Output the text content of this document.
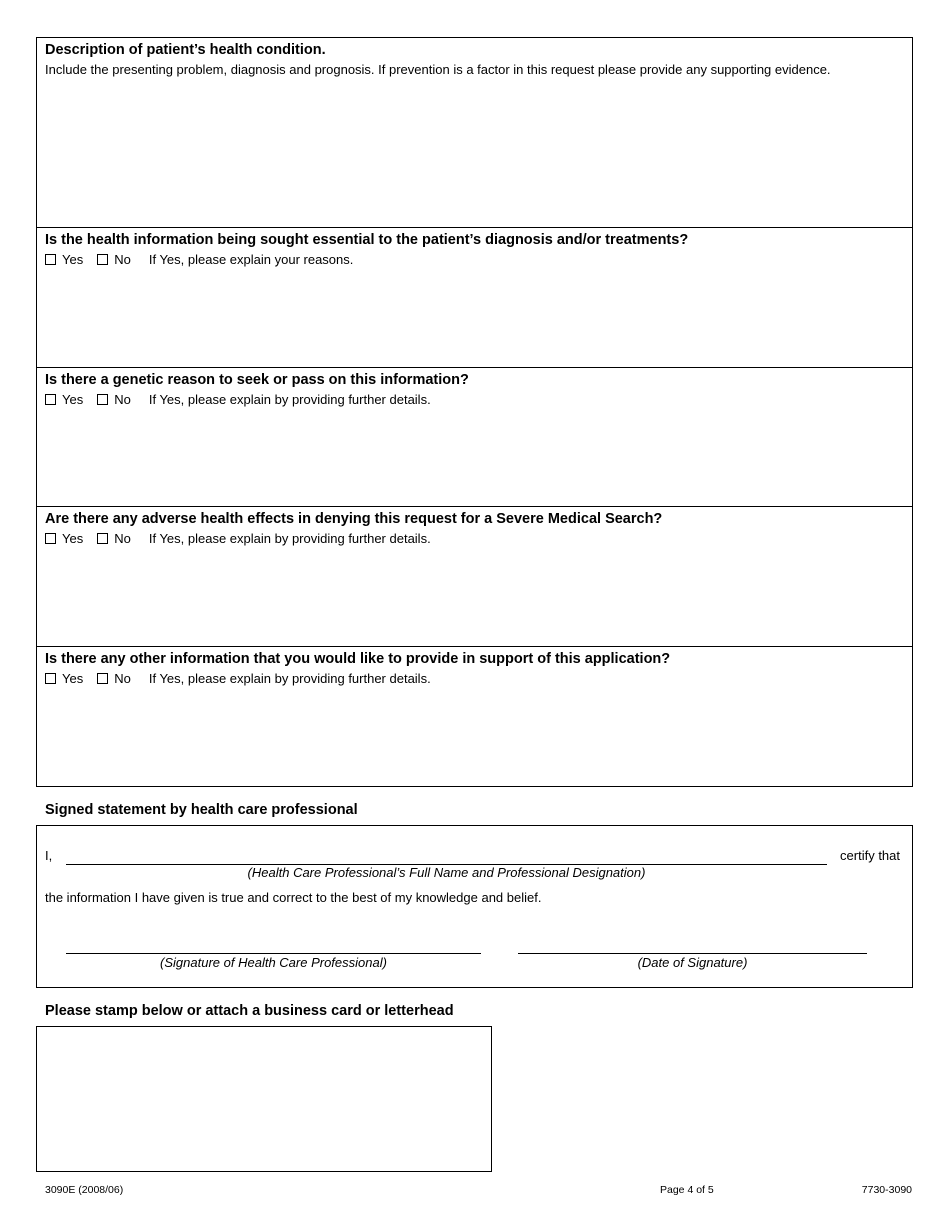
Description of patient’s health condition.
Include the presenting problem, diagnosis and prognosis. If prevention is a factor in this request please provide any supporting evidence.
Is the health information being sought essential to the patient’s diagnosis and/or treatments?
Yes No If Yes, please explain your reasons.
Is there a genetic reason to seek or pass on this information?
Yes No If Yes, please explain by providing further details.
Are there any adverse health effects in denying this request for a Severe Medical Search?
Yes No If Yes, please explain by providing further details.
Is there any other information that you would like to provide in support of this application?
Yes No If Yes, please explain by providing further details.
Signed statement by health care professional
I,	certify that
(Health Care Professional’s Full Name and Professional Designation)
the information I have given is true and correct to the best of my knowledge and belief.
(Signature of Health Care Professional)	(Date of Signature)
Please stamp below or attach a business card or letterhead
3090E (2008/06)	Page 4 of 5	7730-3090
